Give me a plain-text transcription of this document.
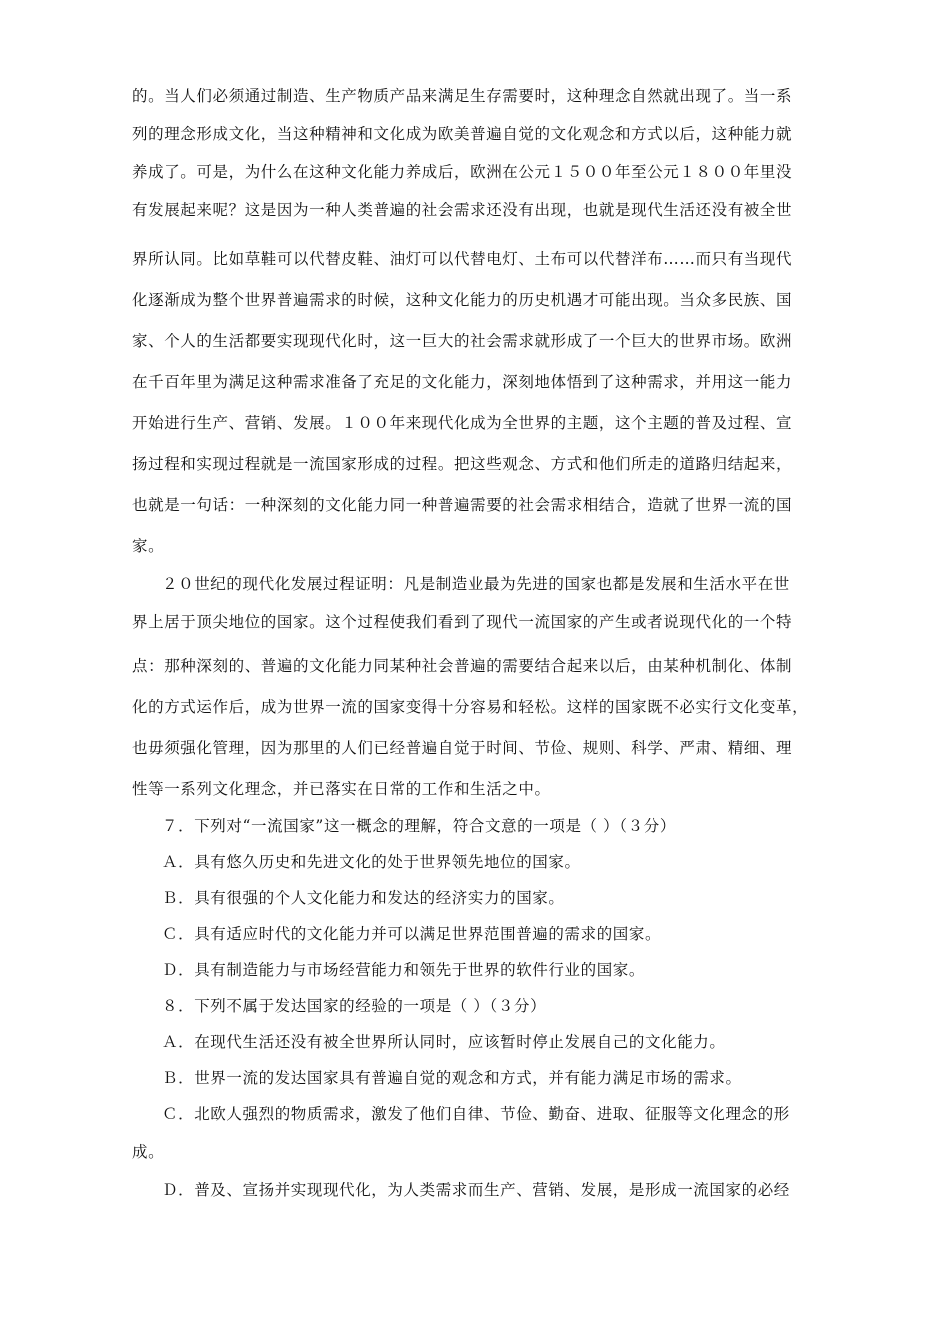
的。当人们必须通过制造、生产物质产品来满足生存需要时，这种理念自然就出现了。当一系
列的理念形成文化，当这种精神和文化成为欧美普遍自觉的文化观念和方式以后，这种能力就
养成了。可是，为什么在这种文化能力养成后，欧洲在公元１５００年至公元１８００年里没
有发展起来呢？这是因为一种人类普遍的社会需求还没有出现，也就是现代生活还没有被全世
界所认同。比如草鞋可以代替皮鞋、油灯可以代替电灯、土布可以代替洋布……而只有当现代
化逐渐成为整个世界普遍需求的时候，这种文化能力的历史机遇才可能出现。当众多民族、国
家、个人的生活都要实现现代化时，这一巨大的社会需求就形成了一个巨大的世界市场。欧洲
在千百年里为满足这种需求准备了充足的文化能力，深刻地体悟到了这种需求，并用这一能力
开始进行生产、营销、发展。１００年来现代化成为全世界的主题，这个主题的普及过程、宣
扬过程和实现过程就是一流国家形成的过程。把这些观念、方式和他们所走的道路归结起来，
也就是一句话：一种深刻的文化能力同一种普遍需要的社会需求相结合，造就了世界一流的国
家。
２０世纪的现代化发展过程证明：凡是制造业最为先进的国家也都是发展和生活水平在世
界上居于顶尖地位的国家。这个过程使我们看到了现代一流国家的产生或者说现代化的一个特
点：那种深刻的、普遍的文化能力同某种社会普遍的需要结合起来以后，由某种机制化、体制
化的方式运作后，成为世界一流的国家变得十分容易和轻松。这样的国家既不必实行文化变革，
也毋须强化管理，因为那里的人们已经普遍自觉于时间、节俭、规则、科学、严肃、精细、理
性等一系列文化理念，并已落实在日常的工作和生活之中。
７．下列对“一流国家”这一概念的理解，符合文意的一项是（ ）（３分）
Ａ．具有悠久历史和先进文化的处于世界领先地位的国家。
Ｂ．具有很强的个人文化能力和发达的经济实力的国家。
Ｃ．具有适应时代的文化能力并可以满足世界范围普遍的需求的国家。
Ｄ．具有制造能力与市场经营能力和领先于世界的软件行业的国家。
８．下列不属于发达国家的经验的一项是（ ）（３分）
Ａ．在现代生活还没有被全世界所认同时，应该暂时停止发展自己的文化能力。
Ｂ．世界一流的发达国家具有普遍自觉的观念和方式，并有能力满足市场的需求。
Ｃ．北欧人强烈的物质需求，激发了他们自律、节俭、勤奋、进取、征服等文化理念的形
成。
Ｄ．普及、宣扬并实现现代化，为人类需求而生产、营销、发展，是形成一流国家的必经
